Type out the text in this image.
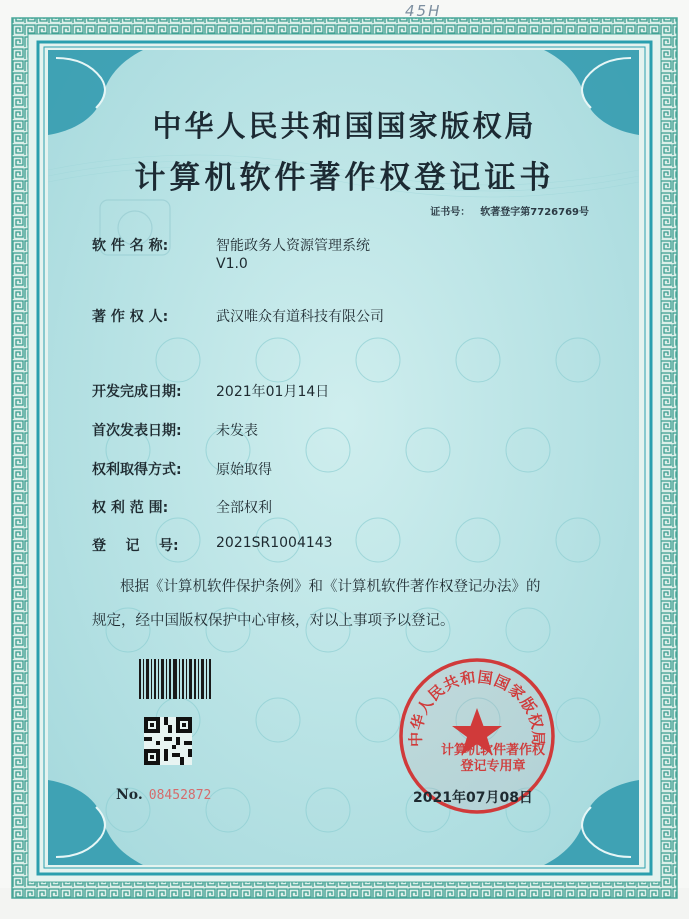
45H
中华人民共和国国家版权局
计算机软件著作权登记证书
证书号： 软著登字第7726769号
软 件 名 称:	智能政务人资源管理系统
V1.0
著 作 权 人:	武汉唯众有道科技有限公司
开发完成日期:	2021年01月14日
首次发表日期:	未发表
权利取得方式:	原始取得
权 利 范 围:	全部权利
登    记    号:	2021SR1004143

根据《计算机软件保护条例》和《计算机软件著作权登记办法》的

规定，经中国版权保护中心审核，对以上事项予以登记。

No. 08452872
中华人民共和国国家版权局
计算机软件著作权
登记专用章
2021年07月08日
